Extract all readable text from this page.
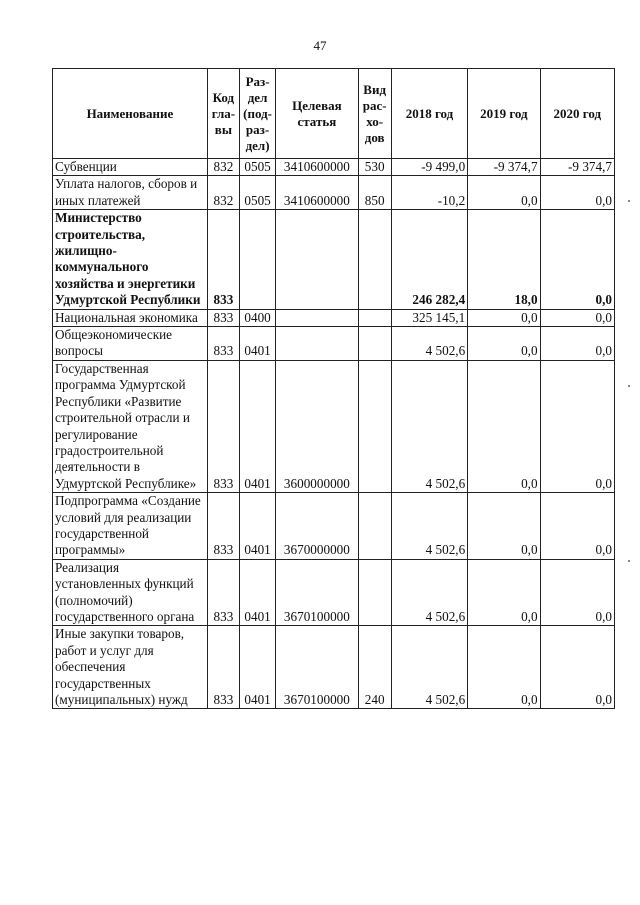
47
Наименование	Код гла- вы	Раз- дел (под- раз- дел)	Целевая статья	Вид рас- хо- дов	2018 год	2019 год	2020 год
Субвенции	832	0505	3410600000	530	-9 499,0	-9 374,7	-9 374,7
Уплата налогов, сборов и иных платежей	832	0505	3410600000	850	-10,2	0,0	0,0
Министерство строительства, жилищно- коммунального хозяйства и энергетики Удмуртской Республики	833				246 282,4	18,0	0,0
Национальная экономика	833	0400			325 145,1	0,0	0,0
Общеэкономические вопросы	833	0401			4 502,6	0,0	0,0
Государственная программа Удмуртской Республики «Развитие строительной отрасли и регулирование градостроительной деятельности в Удмуртской Республике»	833	0401	3600000000		4 502,6	0,0	0,0
Подпрограмма «Создание условий для реализации государственной программы»	833	0401	3670000000		4 502,6	0,0	0,0
Реализация установленных функций (полномочий) государственного органа	833	0401	3670100000		4 502,6	0,0	0,0
Иные закупки товаров, работ и услуг для обеспечения государственных (муниципальных) нужд	833	0401	3670100000	240	4 502,6	0,0	0,0
